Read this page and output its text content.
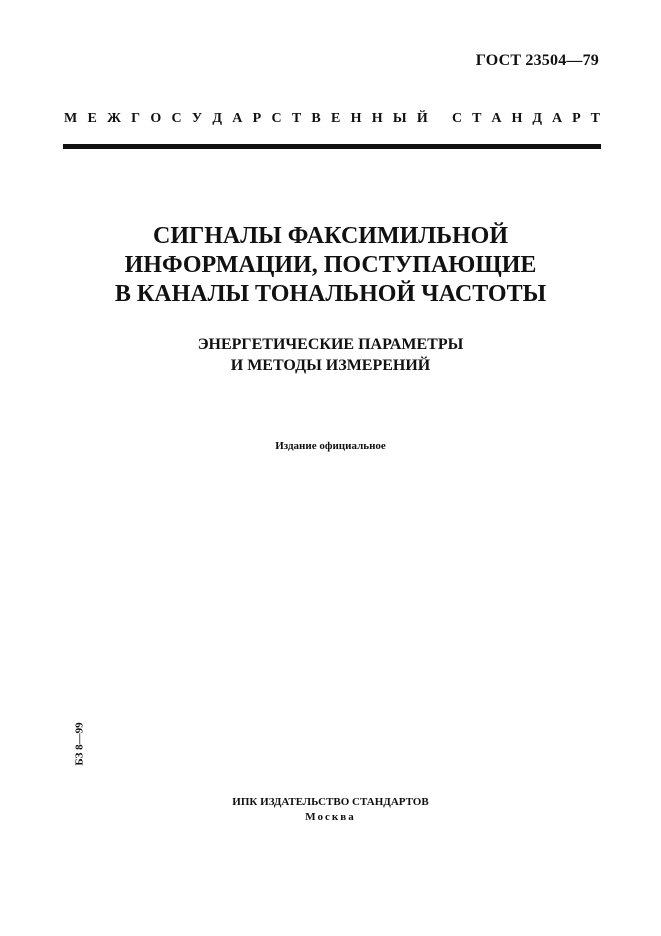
ГОСТ 23504—79
М Е Ж Г О С У Д А Р С Т В Е Н Н Ы Й С Т А Н Д А Р Т
СИГНАЛЫ ФАКСИМИЛЬНОЙ
ИНФОРМАЦИИ, ПОСТУПАЮЩИЕ
В КАНАЛЫ ТОНАЛЬНОЙ ЧАСТОТЫ
ЭНЕРГЕТИЧЕСКИЕ ПАРАМЕТРЫ
И МЕТОДЫ ИЗМЕРЕНИЙ
Издание официальное
БЗ 8—99
ИПК ИЗДАТЕЛЬСТВО СТАНДАРТОВ
Москва
